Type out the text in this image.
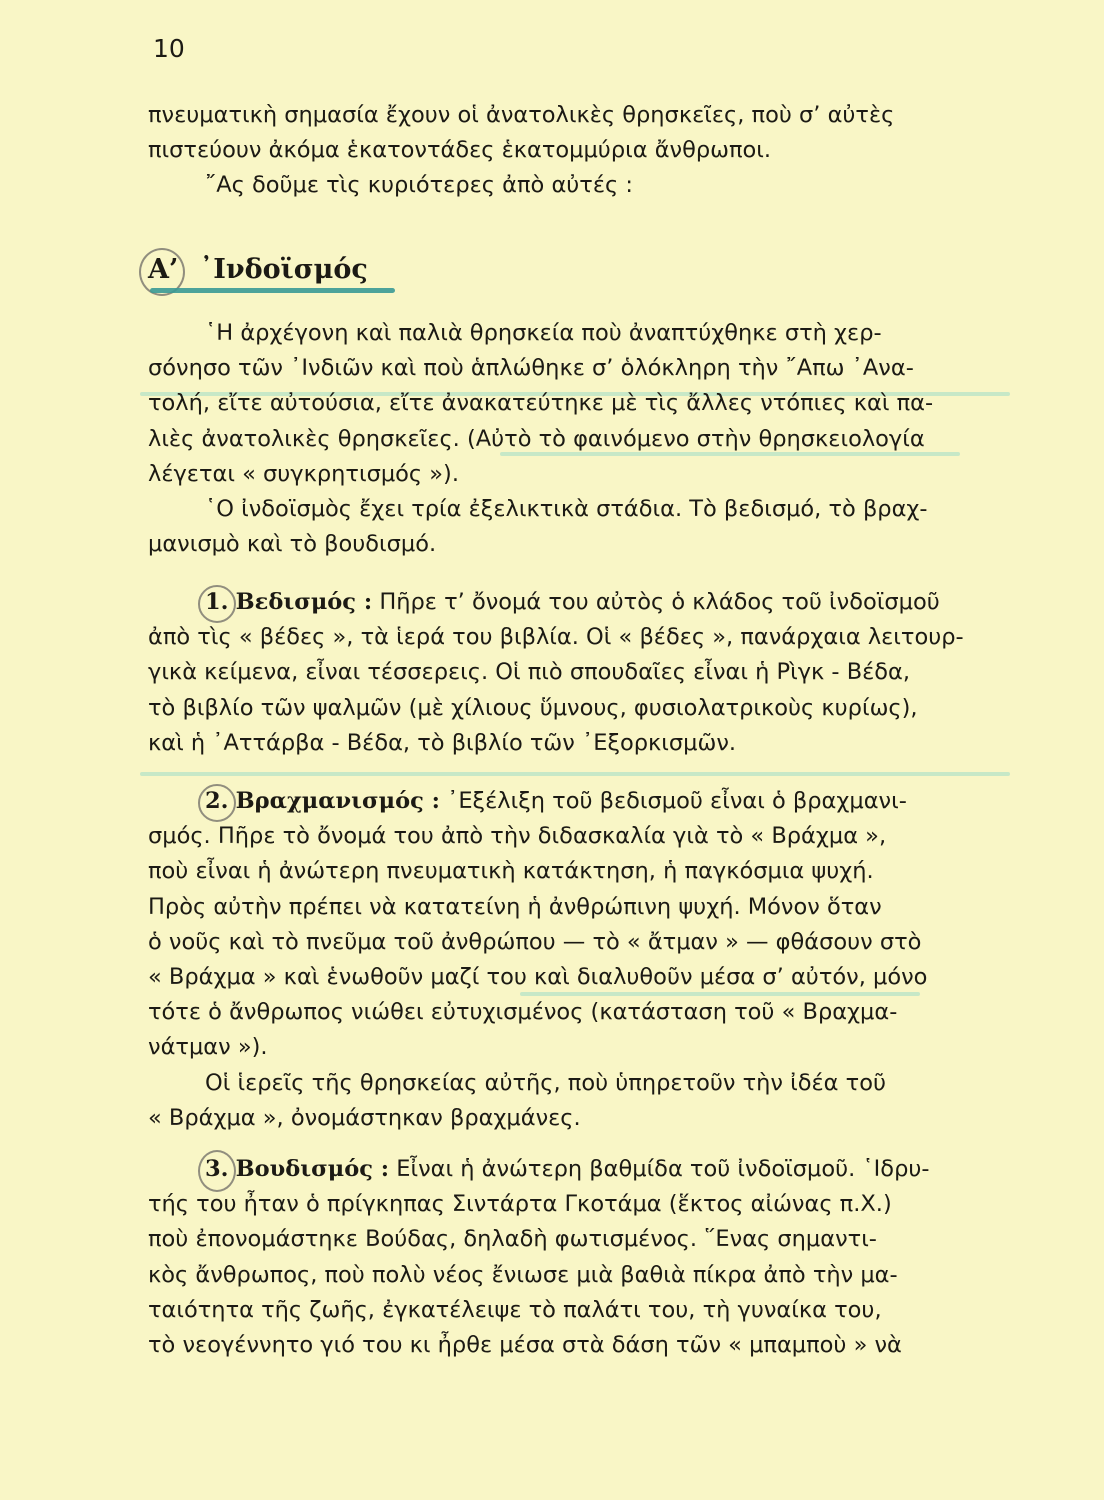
10

πνευματικὴ σημασία ἔχουν οἱ ἀνατολικὲς θρησκεῖες, ποὺ σ’ αὐτὲς

πιστεύουν ἀκόμα ἑκατοντάδες ἑκατομμύρια ἄνθρωποι.

῎Ας δοῦμε τὶς κυριότερες ἀπὸ αὐτές :

Α’ ᾿Ινδοϊσμός

῾Η ἀρχέγονη καὶ παλιὰ θρησκεία ποὺ ἀναπτύχθηκε στὴ χερ-

σόνησο τῶν ᾿Ινδιῶν καὶ ποὺ ἁπλώθηκε σ’ ὁλόκληρη τὴν ῎Απω ᾿Ανα-

τολή, εἴτε αὐτούσια, εἴτε ἀνακατεύτηκε μὲ τὶς ἄλλες ντόπιες καὶ πα-

λιὲς ἀνατολικὲς θρησκεῖες. (Αὐτὸ τὸ φαινόμενο στὴν θρησκειολογία

λέγεται « συγκρητισμός »).

῾Ο ἰνδοϊσμὸς ἔχει τρία ἐξελικτικὰ στάδια. Τὸ βεδισμό, τὸ βραχ-

μανισμὸ καὶ τὸ βουδισμό.

1. Βεδισμός : Πῆρε τ’ ὄνομά του αὐτὸς ὁ κλάδος τοῦ ἰνδοϊσμοῦ

ἀπὸ τὶς « βέδες », τὰ ἱερά του βιβλία. Οἱ « βέδες », πανάρχαια λειτουρ-

γικὰ κείμενα, εἶναι τέσσερεις. Οἱ πιὸ σπουδαῖες εἶναι ἡ Ρὶγκ - Βέδα,

τὸ βιβλίο τῶν ψαλμῶν (μὲ χίλιους ὕμνους, φυσιολατρικοὺς κυρίως),

καὶ ἡ ᾿Αττάρβα - Βέδα, τὸ βιβλίο τῶν ᾿Εξορκισμῶν.

2. Βραχμανισμός : ᾿Εξέλιξη τοῦ βεδισμοῦ εἶναι ὁ βραχμανι-

σμός. Πῆρε τὸ ὄνομά του ἀπὸ τὴν διδασκαλία γιὰ τὸ « Βράχμα »,

ποὺ εἶναι ἡ ἀνώτερη πνευματικὴ κατάκτηση, ἡ παγκόσμια ψυχή.

Πρὸς αὐτὴν πρέπει νὰ κατατείνη ἡ ἀνθρώπινη ψυχή. Μόνον ὅταν

ὁ νοῦς καὶ τὸ πνεῦμα τοῦ ἀνθρώπου — τὸ « ἄτμαν » — φθάσουν στὸ

« Βράχμα » καὶ ἑνωθοῦν μαζί του καὶ διαλυθοῦν μέσα σ’ αὐτόν, μόνο

τότε ὁ ἄνθρωπος νιώθει εὐτυχισμένος (κατάσταση τοῦ « Βραχμα-

νάτμαν »).

Οἱ ἱερεῖς τῆς θρησκείας αὐτῆς, ποὺ ὑπηρετοῦν τὴν ἰδέα τοῦ

« Βράχμα », ὀνομάστηκαν βραχμάνες.

3. Βουδισμός : Εἶναι ἡ ἀνώτερη βαθμίδα τοῦ ἰνδοϊσμοῦ. ῾Ιδρυ-

τής του ἦταν ὁ πρίγκηπας Σιντάρτα Γκοτάμα (ἕκτος αἰώνας π.Χ.)

ποὺ ἐπονομάστηκε Βούδας, δηλαδὴ φωτισμένος. ῞Ενας σημαντι-

κὸς ἄνθρωπος, ποὺ πολὺ νέος ἔνιωσε μιὰ βαθιὰ πίκρα ἀπὸ τὴν μα-

ταιότητα τῆς ζωῆς, ἐγκατέλειψε τὸ παλάτι του, τὴ γυναίκα του,

τὸ νεογέννητο γιό του κι ἦρθε μέσα στὰ δάση τῶν « μπαμποὺ » νὰ
